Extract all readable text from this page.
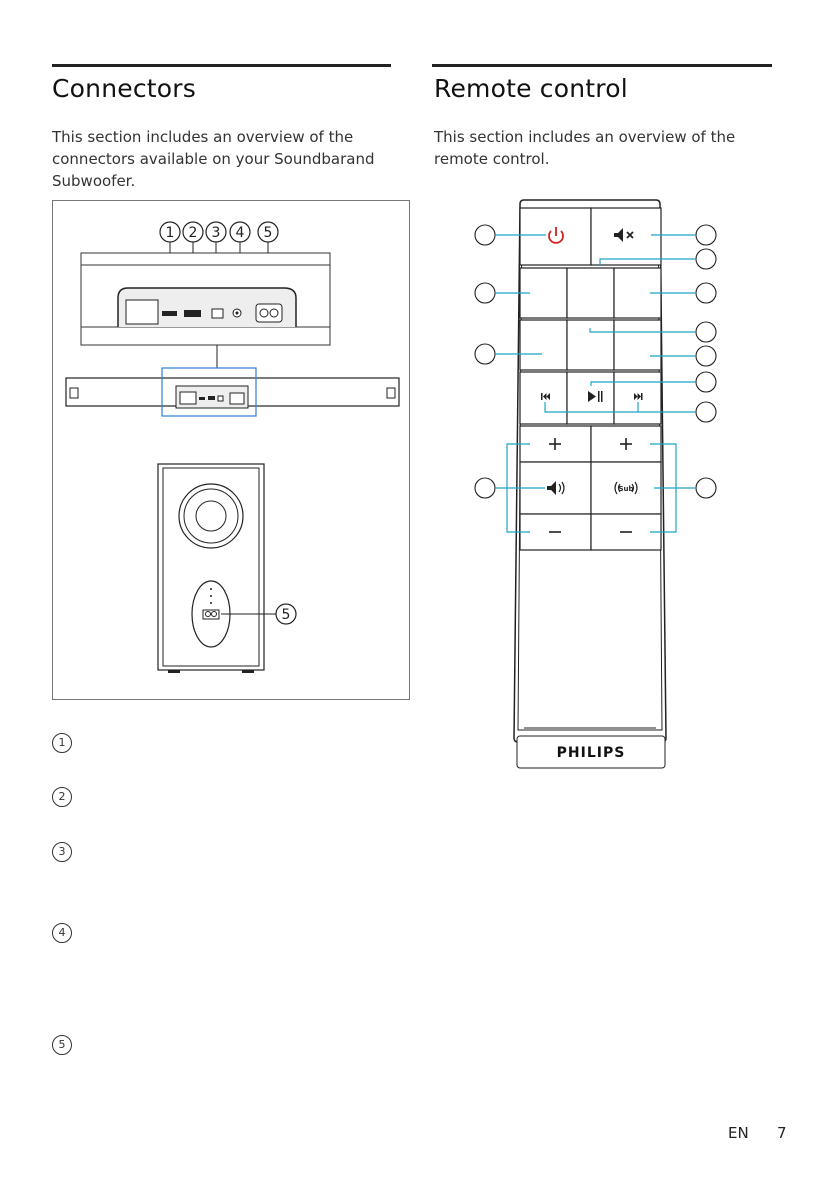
Connectors	Remote control
This section includes an overview of the
connectors available on your Soundbarand
Subwoofer.
This section includes an overview of the
remote control.
1 2 3 4 5
5
1
2
3
4
5
Sub
PHILIPS
EN 7
